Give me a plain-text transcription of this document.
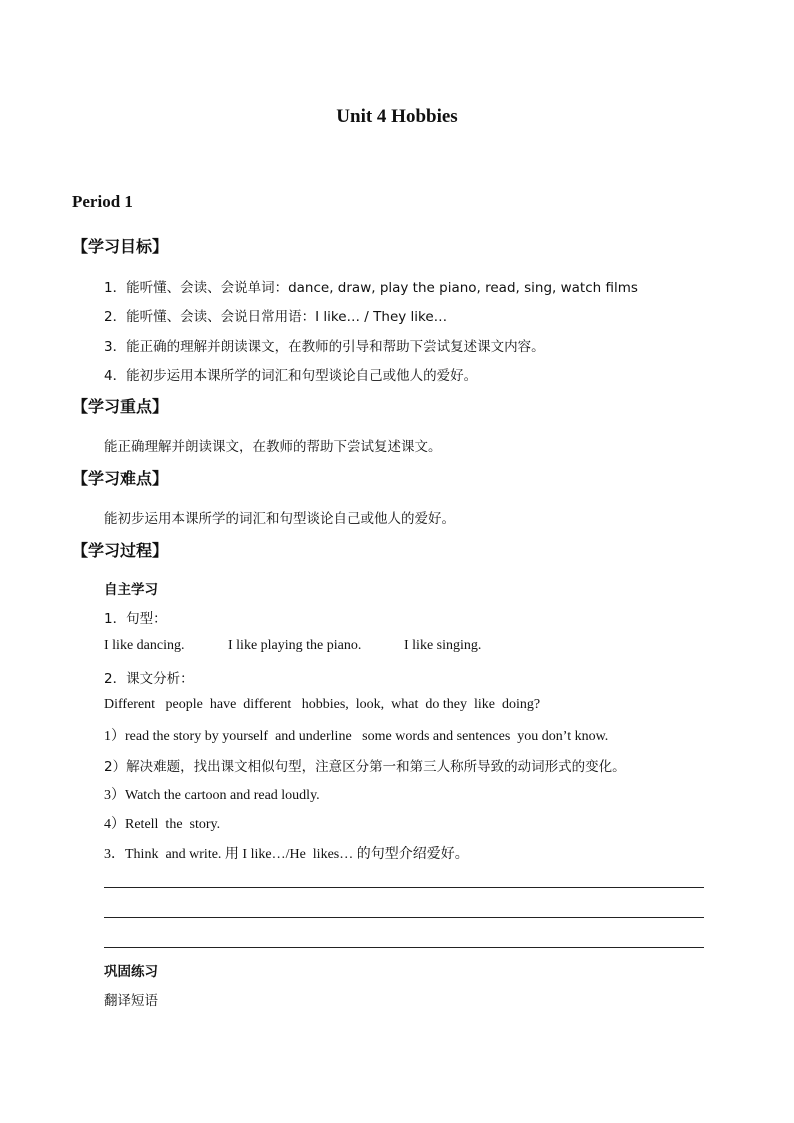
Unit 4 Hobbies
Period 1
【学习目标】
1．能听懂、会读、会说单词：dance, draw, play the piano, read, sing, watch films
2．能听懂、会读、会说日常用语：I like… / They like…
3．能正确的理解并朗读课文，在教师的引导和帮助下尝试复述课文内容。
4．能初步运用本课所学的词汇和句型谈论自己或他人的爱好。
【学习重点】
能正确理解并朗读课文，在教师的帮助下尝试复述课文。
【学习难点】
能初步运用本课所学的词汇和句型谈论自己或他人的爱好。
【学习过程】
自主学习
1．句型：
I like dancing.	I like playing the piano.	I like singing.
2．课文分析：
Different   people  have  different   hobbies,  look,  what  do they  like  doing?
1）read the story by yourself  and underline   some words and sentences  you don’t know.
2）解决难题，找出课文相似句型，注意区分第一和第三人称所导致的动词形式的变化。
3）Watch the cartoon and read loudly.
4）Retell  the  story.
3．Think  and write. 用 I like…/He  likes… 的句型介绍爱好。
巩固练习
翻译短语
